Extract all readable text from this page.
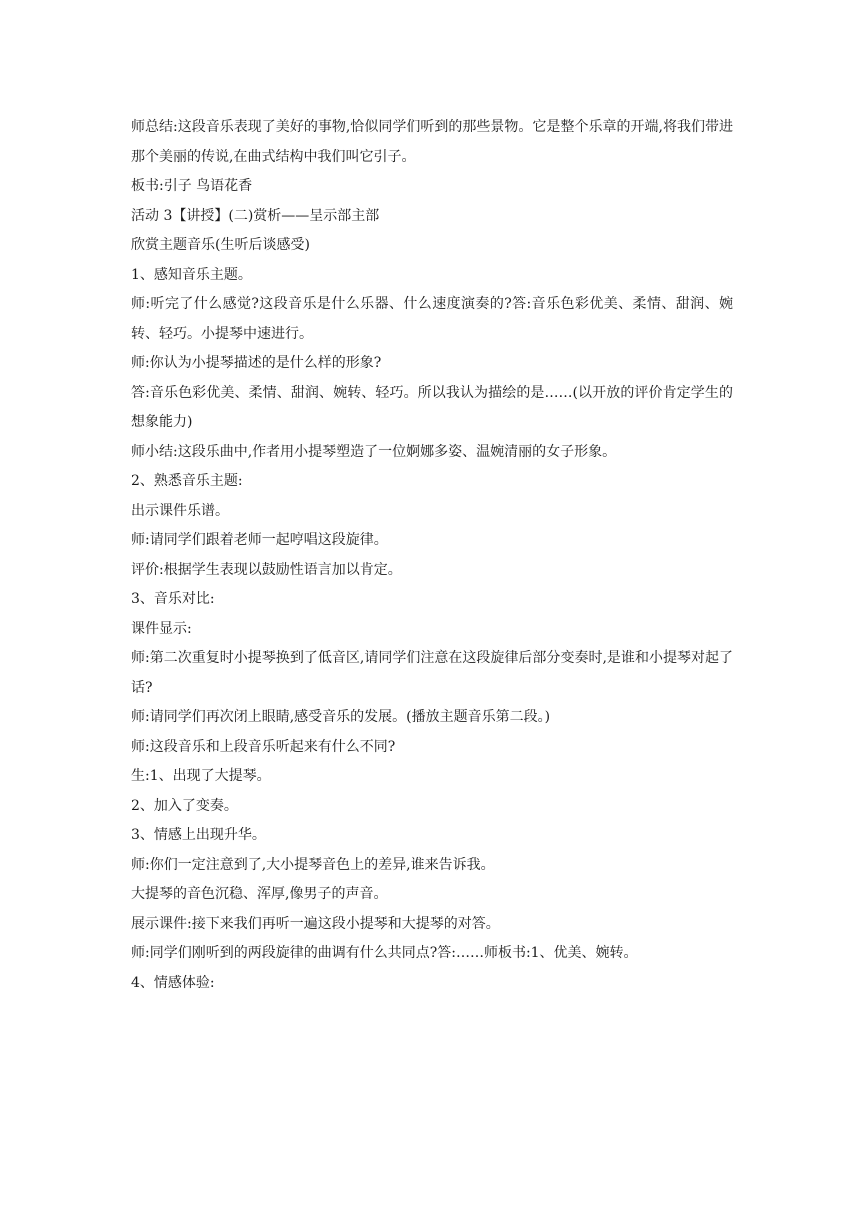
师总结:这段音乐表现了美好的事物,恰似同学们听到的那些景物。它是整个乐章的开端,将我们带进那个美丽的传说,在曲式结构中我们叫它引子。

板书:引子 鸟语花香

活动 3【讲授】(二)赏析——呈示部主部

欣赏主题音乐(生听后谈感受)

1、感知音乐主题。

师:听完了什么感觉?这段音乐是什么乐器、什么速度演奏的?答:音乐色彩优美、柔情、甜润、婉转、轻巧。小提琴中速进行。

师:你认为小提琴描述的是什么样的形象?

答:音乐色彩优美、柔情、甜润、婉转、轻巧。所以我认为描绘的是……(以开放的评价肯定学生的想象能力)

师小结:这段乐曲中,作者用小提琴塑造了一位婀娜多姿、温婉清丽的女子形象。

2、熟悉音乐主题:

出示课件乐谱。

师:请同学们跟着老师一起哼唱这段旋律。

评价:根据学生表现以鼓励性语言加以肯定。

3、音乐对比:

课件显示:

师:第二次重复时小提琴换到了低音区,请同学们注意在这段旋律后部分变奏时,是谁和小提琴对起了话?

师:请同学们再次闭上眼睛,感受音乐的发展。(播放主题音乐第二段。)

师:这段音乐和上段音乐听起来有什么不同?

生:1、出现了大提琴。

2、加入了变奏。

3、情感上出现升华。

师:你们一定注意到了,大小提琴音色上的差异,谁来告诉我。

大提琴的音色沉稳、浑厚,像男子的声音。

展示课件:接下来我们再听一遍这段小提琴和大提琴的对答。

师:同学们刚听到的两段旋律的曲调有什么共同点?答:……师板书:1、优美、婉转。

4、情感体验:
